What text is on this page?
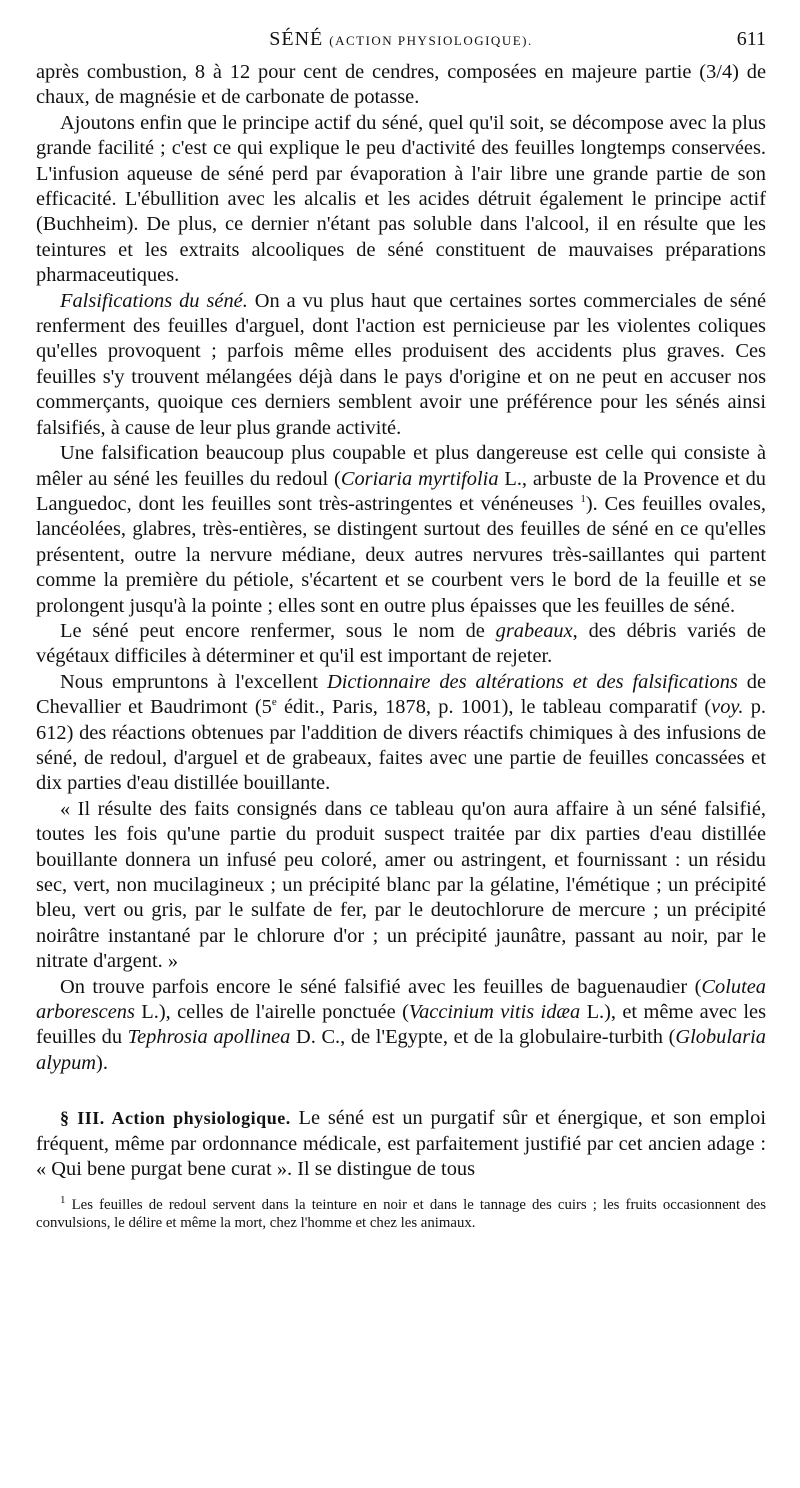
SÉNÉ (ACTION PHYSIOLOGIQUE).	611

après combustion, 8 à 12 pour cent de cendres, composées en majeure partie (3/4) de chaux, de magnésie et de carbonate de potasse.

Ajoutons enfin que le principe actif du séné, quel qu'il soit, se décompose avec la plus grande facilité ; c'est ce qui explique le peu d'activité des feuilles longtemps conservées. L'infusion aqueuse de séné perd par évaporation à l'air libre une grande partie de son efficacité. L'ébullition avec les alcalis et les acides détruit également le principe actif (Buchheim). De plus, ce dernier n'étant pas soluble dans l'alcool, il en résulte que les teintures et les extraits alcooliques de séné constituent de mauvaises préparations pharmaceutiques.

Falsifications du séné. On a vu plus haut que certaines sortes commerciales de séné renferment des feuilles d'arguel, dont l'action est pernicieuse par les violentes coliques qu'elles provoquent ; parfois même elles produisent des accidents plus graves. Ces feuilles s'y trouvent mélangées déjà dans le pays d'origine et on ne peut en accuser nos commerçants, quoique ces derniers semblent avoir une préférence pour les sénés ainsi falsifiés, à cause de leur plus grande activité.

Une falsification beaucoup plus coupable et plus dangereuse est celle qui consiste à mêler au séné les feuilles du redoul (Coriaria myrtifolia L., arbuste de la Provence et du Languedoc, dont les feuilles sont très-astringentes et vénéneuses $^1$). Ces feuilles ovales, lancéolées, glabres, très-entières, se distingent surtout des feuilles de séné en ce qu'elles présentent, outre la nervure médiane, deux autres nervures très-saillantes qui partent comme la première du pétiole, s'écartent et se courbent vers le bord de la feuille et se prolongent jusqu'à la pointe ; elles sont en outre plus épaisses que les feuilles de séné.

Le séné peut encore renfermer, sous le nom de grabeaux, des débris variés de végétaux difficiles à déterminer et qu'il est important de rejeter.

Nous empruntons à l'excellent Dictionnaire des altérations et des falsifications de Chevallier et Baudrimont (5e édit., Paris, 1878, p. 1001), le tableau comparatif (voy. p. 612) des réactions obtenues par l'addition de divers réactifs chimiques à des infusions de séné, de redoul, d'arguel et de grabeaux, faites avec une partie de feuilles concassées et dix parties d'eau distillée bouillante.

« Il résulte des faits consignés dans ce tableau qu'on aura affaire à un séné falsifié, toutes les fois qu'une partie du produit suspect traitée par dix parties d'eau distillée bouillante donnera un infusé peu coloré, amer ou astringent, et fournissant : un résidu sec, vert, non mucilagineux ; un précipité blanc par la gélatine, l'émétique ; un précipité bleu, vert ou gris, par le sulfate de fer, par le deutochlorure de mercure ; un précipité noirâtre instantané par le chlorure d'or ; un précipité jaunâtre, passant au noir, par le nitrate d'argent. »

On trouve parfois encore le séné falsifié avec les feuilles de baguenaudier (Colutea arborescens L.), celles de l'airelle ponctuée (Vaccinium vitis idæa L.), et même avec les feuilles du Tephrosia apollinea D. C., de l'Egypte, et de la globulaire-turbith (Globularia alypum).

§ III. Action physiologique. Le séné est un purgatif sûr et énergique, et son emploi fréquent, même par ordonnance médicale, est parfaitement justifié par cet ancien adage : « Qui bene purgat bene curat ». Il se distingue de tous

$^1$ Les feuilles de redoul servent dans la teinture en noir et dans le tannage des cuirs ; les fruits occasionnent des convulsions, le délire et même la mort, chez l'homme et chez les animaux.
